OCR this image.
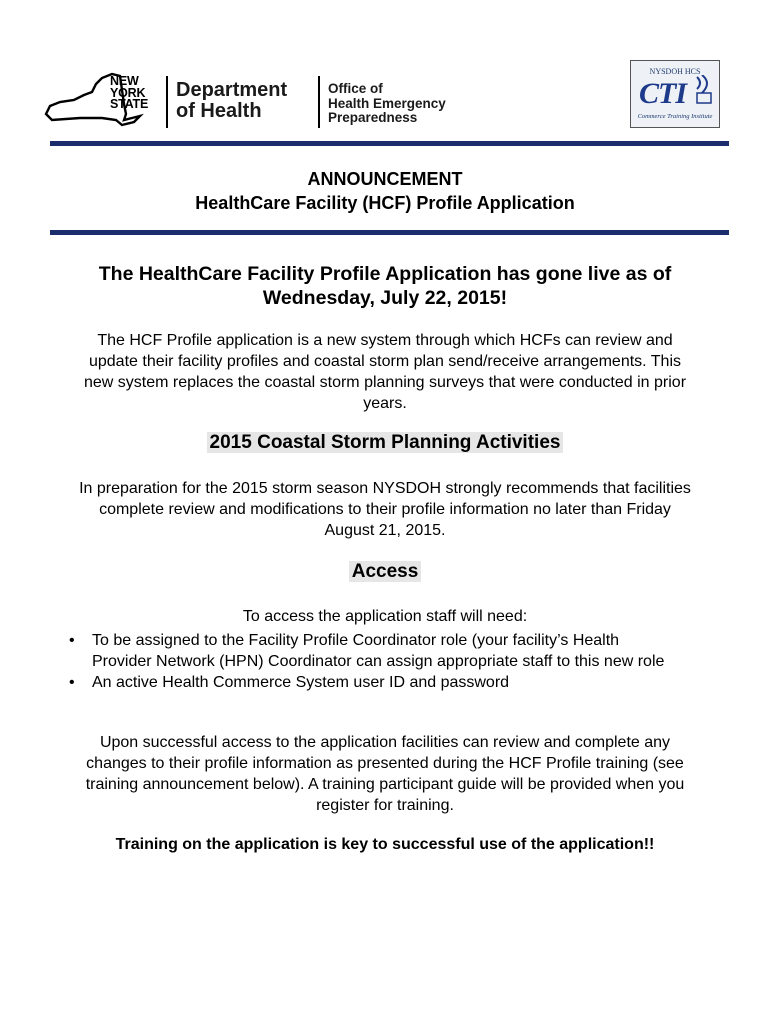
NEW
YORK
STATE
Department
of Health
Office of
Health Emergency
Preparedness
NYSDOH HCS
CTI
Commerce Training Institute
ANNOUNCEMENT
HealthCare Facility (HCF) Profile Application
The HealthCare Facility Profile Application has gone live as of
Wednesday, July 22, 2015!
The HCF Profile application is a new system through which HCFs can review and
update their facility profiles and coastal storm plan send/receive arrangements. This
new system replaces the coastal storm planning surveys that were conducted in prior
years.
2015 Coastal Storm Planning Activities
In preparation for the 2015 storm season NYSDOH strongly recommends that facilities
complete review and modifications to their profile information no later than Friday
August 21, 2015.
Access
To access the application staff will need:
• To be assigned to the Facility Profile Coordinator role (your facility’s Health
Provider Network (HPN) Coordinator can assign appropriate staff to this new role
• An active Health Commerce System user ID and password
Upon successful access to the application facilities can review and complete any
changes to their profile information as presented during the HCF Profile training (see
training announcement below). A training participant guide will be provided when you
register for training.
Training on the application is key to successful use of the application!!
